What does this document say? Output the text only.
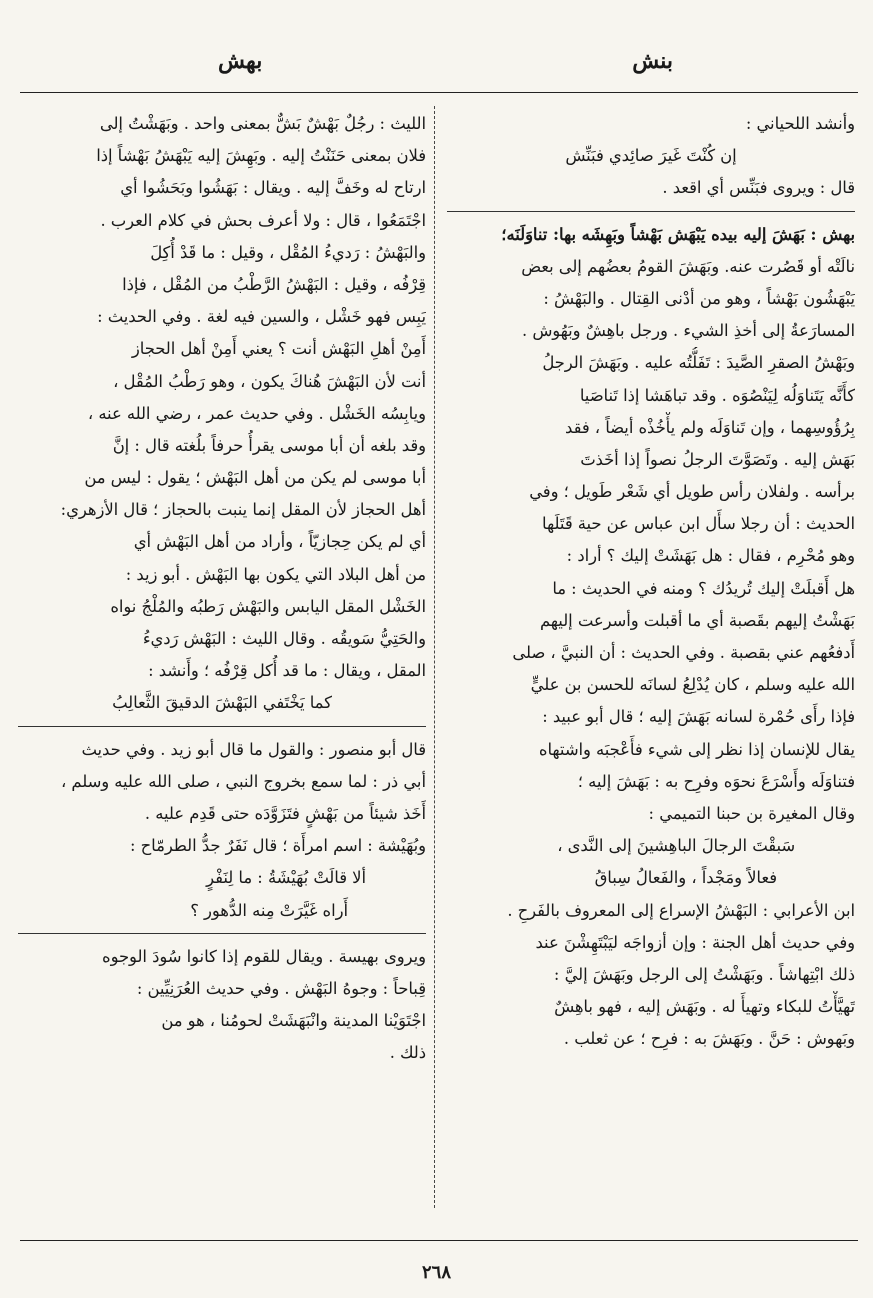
بنش
بهش
وأنشد اللحياني :
إن كُنْتَ غَيرَ صائِدي فبَنِّش
قال : ويروى فبَنِّس أي اقعد .
بهش : بَهَشَ إليه بيده يَبْهَش بَهْشاً وبَهِشَه بها: تناوَلَنَه؛
نالَتْه أو قَصُرت عنه. وبَهَشَ القومُ بعضُهم إلى بعض
يَبْهَشُون بَهْشاً ، وهو من أدْنى القِتال . والبَهْشُ :
المسارَعةُ إلى أخذِ الشيء . ورجل باهِشٌ وبَهُوش .
وبَهْشُ الصقرِ الصَّيدَ : تَفَلُّتُه عليه . وبَهَشَ الرجلُ
كأَنَّه يَتَناوَلُه لِيَنْصُوَه . وقد تباهَشا إذا تَناصَيا
بِرُؤُوسِهما ، وإن تَناوَلَه ولم يأْخُذْه أيضاً ، فقد
بَهَش إليه . وتَصَوَّتَ الرجلُ نصواً إذا أخَذتَ
برأسه . ولفلان رأس طويل أي شَعْر طَويل ؛ وفي
الحديث : أن رجلا سأَل ابن عباس عن حية قَتَلَها
وهو مُحْرِم ، فقال : هل بَهَشَتْ إليك ؟ أراد :
هل أَقبلَتْ إليك تُريدُك ؟ ومنه في الحديث : ما
بَهَشْتُ إليهم بقَصبة أي ما أقبلت وأسرعت إليهم
أَدفعُهم عني بقصبة . وفي الحديث : أن النبيَّ ، صلى
الله عليه وسلم ، كان يُدْلِعُ لسانَه للحسن بن عليٍّ
فإذا رأَى حُمْرة لسانه بَهَشَ إليه ؛ قال أبو عبيد :
يقال للإنسان إذا نظر إلى شيء فأَعْجبَه واشتهاه
فتناوَلَه وأَسْرَعَ نحوَه وفرِح به : بَهَشَ إليه ؛
وقال المغيرة بن حبنا التميمي :
سَبقْتَ الرجالَ الباهِشينَ إلى النَّدى ،
فعالاً ومَجْداً ، والفَعالُ سِباقُ
ابن الأعرابي : البَهْشُ الإسراع إلى المعروف بالفَرحِ .
وفي حديث أهل الجنة : وإن أزواجَه ليَبْتَهِشْنَ عند
ذلك ابْتِهاشاً . وبَهَشْتُ إلى الرجل وبَهَشَ إليَّ :
تَهيَّأْتُ للبكاء وتهيأَ له . وبَهَش إليه ، فهو باهِشٌ
وبَهوش : حَنَّ . وبَهَشَ به : فرِح ؛ عن ثعلب .
الليث : رجُلٌ بَهْشٌ بَشٌّ بمعنى واحد . وبَهَشْتُ إلى
فلان بمعنى حَنَنْتُ إليه . وبَهِشَ إليه يَبْهَشُ بَهْشاً إذا
ارتاح له وخَفَّ إليه . ويقال : بَهَشُوا وبَحَشُوا أي
اجْتَمَعُوا ، قال : ولا أعرف بحش في كلام العرب .
والبَهْشُ : رَديءُ المُقْل ، وقيل : ما قَدْ أُكِلَ
قِرْفُه ، وقيل : البَهْشُ الرَّطْبُ من المُقْل ، فإذا
يَبِس فهو خَشْل ، والسين فيه لغة . وفي الحديث :
أَمِنْ أهلِ البَهْش أنت ؟ يعني أَمِنْ أهل الحجاز
أنت لأن البَهْشَ هُناكَ يكون ، وهو رَطْبُ المُقْل ،
ويابِسُه الخَشْل . وفي حديث عمر ، رضي الله عنه ،
وقد بلغه أن أبا موسى يقرأُ حرفاً بلُغته قال : إنَّ
أبا موسى لم يكن من أهل البَهْش ؛ يقول : ليس من
أهل الحجاز لأن المقل إنما ينبت بالحجاز ؛ قال الأزهري:
أي لم يكن حِجازيّاً ، وأراد من أهل البَهْش أي
من أهل البلاد التي يكون بها البَهْش . أبو زيد :
الخَشْل المقل اليابس والبَهْش رَطبُه والمُلْجُ نواه
والحَتِيُّ سَويقُه . وقال الليث : البَهْش رَديءُ
المقل ، ويقال : ما قد أُكل قِرْفُه ؛ وأَنشد :
كما يَخْتَفي البَهْشَ الدقيقَ الثَّعالِبُ
قال أبو منصور : والقول ما قال أبو زيد . وفي حديث
أبي ذر : لما سمع بخروج النبي ، صلى الله عليه وسلم ،
أَخَذ شيئاً من بَهْشٍ فتَزَوَّدَه حتى قَدِم عليه .
وبُهَيْشة : اسم امرأَة ؛ قال نَفَرٌ جدُّ الطرمّاح :
ألا قالَتْ بُهَيْشَةُ : ما لِنَفْرٍ
أَراه غَيَّرَتْ مِنه الدُّهور ؟
ويروى بهيسة . ويقال للقوم إذا كانوا سُودَ الوجوه
قِباحاً : وجوهُ البَهْش . وفي حديث العُرَنِيِّين :
اجْتَوَيْنا المدينة وانْبَهَشَتْ لحومُنا ، هو من
ذلك .
٢٦٨
